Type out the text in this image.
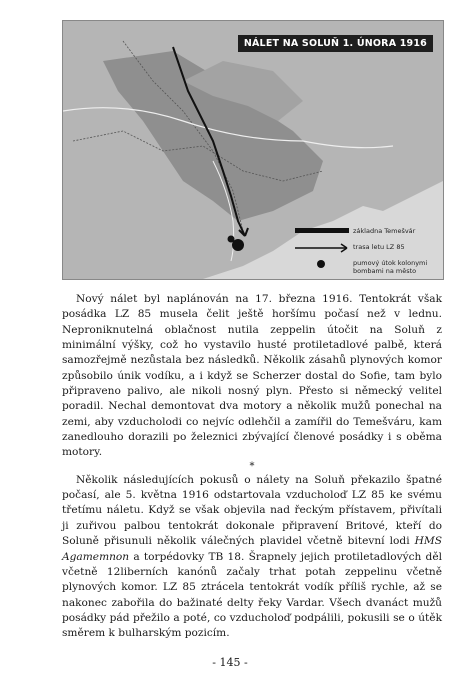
NÁLET NA SOLUŇ 1. ÚNORA 1916
základna Temešvár
trasa letu LZ 85
pumový útok kolonymi bombami na město

Nový nálet byl naplánován na 17. března 1916. Tentokrát však posádka LZ 85 musela čelit ještě horšímu počasí než v lednu. Neproniknutelná oblačnost nutila zeppelin útočit na Soluň z minimální výšky, což ho vystavilo husté protiletadlové palbě, která samozřejmě nezůstala bez následků. Několik zásahů plynových komor způsobilo únik vodíku, a i když se Scherzer dostal do Sofie, tam bylo připraveno palivo, ale nikoli nosný plyn. Přesto si německý velitel poradil. Nechal demontovat dva motory a několik mužů ponechal na zemi, aby vzducholodi co nejvíc odlehčil a zamířil do Temešváru, kam zanedlouho dorazili po železnici zbývající členové posádky i s oběma motory.

*

Několik následujících pokusů o nálety na Soluň překazilo špatné počasí, ale 5. května 1916 odstartovala vzducholoď LZ 85 ke svému třetímu náletu. Když se však objevila nad řeckým přístavem, přivítali ji zuřivou palbou tentokrát dokonale připravení Britové, kteří do Soluně přisunuli několik válečných plavidel včetně bitevní lodi HMS Agamemnon a torpédovky TB 18. Šrapnely jejich protiletadlových děl včetně 12liberních kanónů začaly trhat potah zeppelinu včetně plynových komor. LZ 85 ztrácela tentokrát vodík příliš rychle, až se nakonec zabořila do bažinaté delty řeky Vardar. Všech dvanáct mužů posádky pád přežilo a poté, co vzducholoď podpálili, pokusili se o útěk směrem k bulharským pozicím.

- 145 -
